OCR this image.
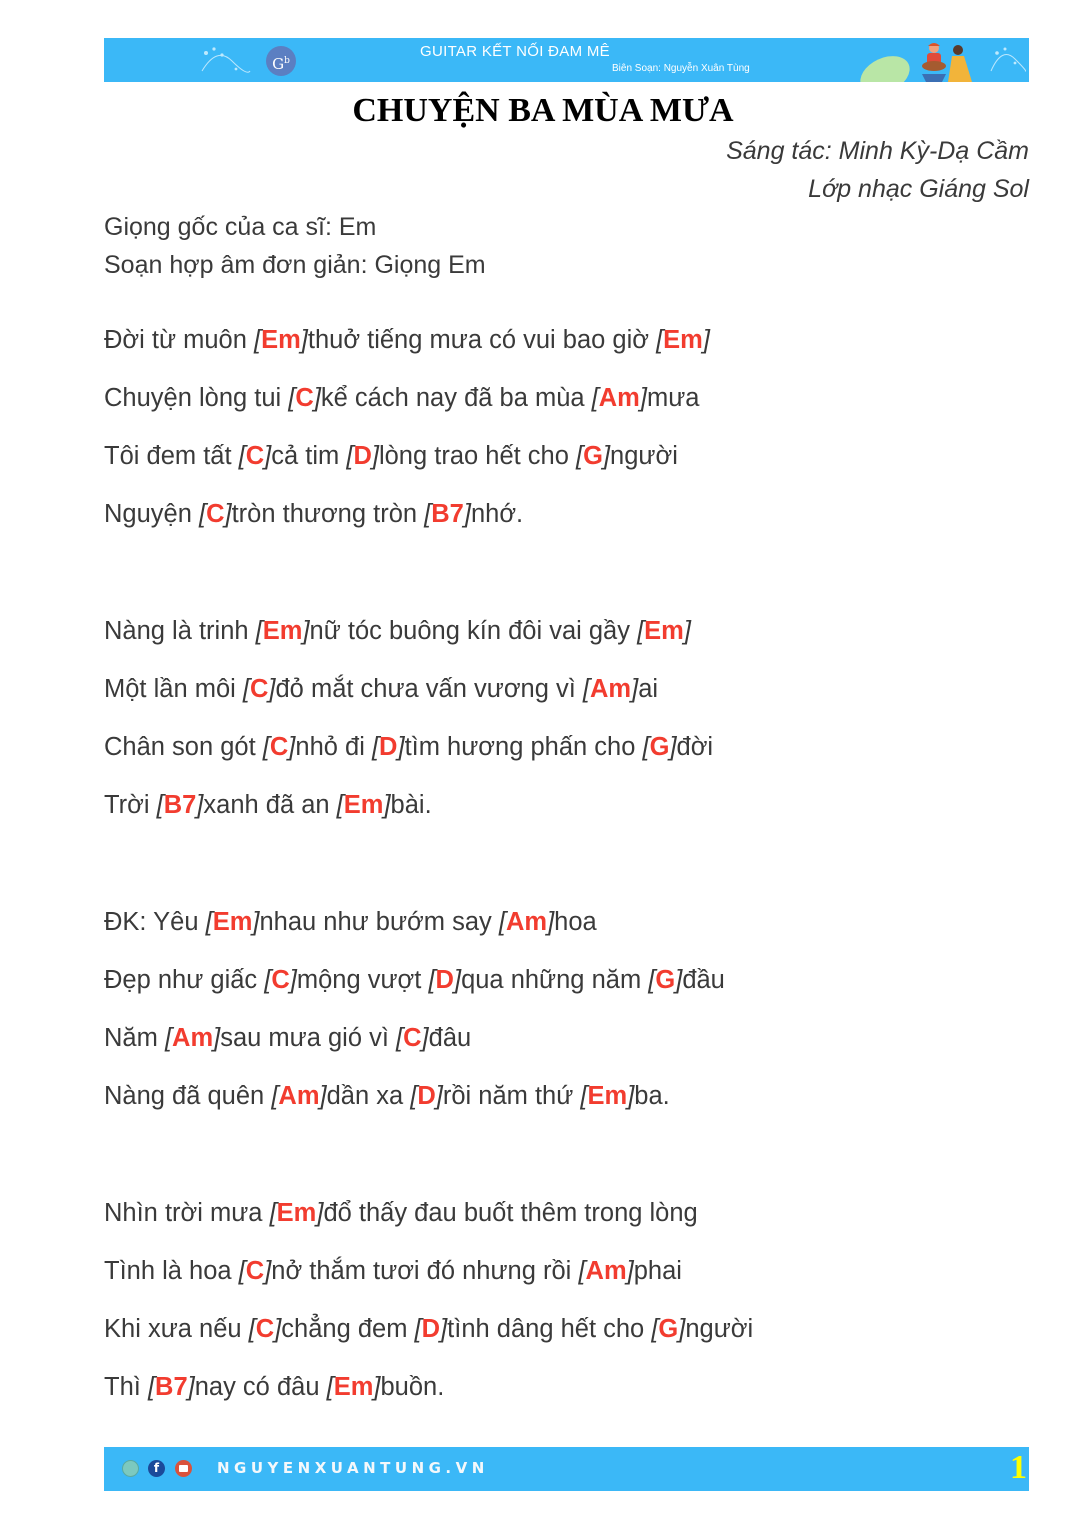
$G^b$
GUITAR KẾT NỐI ĐAM MÊ
Biên Soạn: Nguyễn Xuân Tùng
CHUYỆN BA MÙA MƯA
Sáng tác: Minh Kỳ-Dạ Cầm
Lớp nhạc Giáng Sol
Giọng gốc của ca sĩ: Em
Soạn hợp âm đơn giản: Giọng Em
Đời từ muôn [Em]thuở tiếng mưa có vui bao giờ [Em]
Chuyện lòng tui [C]kể cách nay đã ba mùa [Am]mưa
Tôi đem tất [C]cả tim [D]lòng trao hết cho [G]người
Nguyện [C]tròn thương tròn [B7]nhớ.
Nàng là trinh [Em]nữ tóc buông kín đôi vai gầy [Em]
Một lần môi [C]đỏ mắt chưa vấn vương vì [Am]ai
Chân son gót [C]nhỏ đi [D]tìm hương phấn cho [G]đời
Trời [B7]xanh đã an [Em]bài.
ĐK: Yêu [Em]nhau như bướm say [Am]hoa
Đẹp như giấc [C]mộng vượt [D]qua những năm [G]đầu
Năm [Am]sau mưa gió vì [C]đâu
Nàng đã quên [Am]dần xa [D]rồi năm thứ [Em]ba.
Nhìn trời mưa [Em]đổ thấy đau buốt thêm trong lòng
Tình là hoa [C]nở thắm tươi đó nhưng rồi [Am]phai
Khi xưa nếu [C]chẳng đem [D]tình dâng hết cho [G]người
Thì [B7]nay có đâu [Em]buồn.
f	NGUYENXUANTUNG.VN	1
